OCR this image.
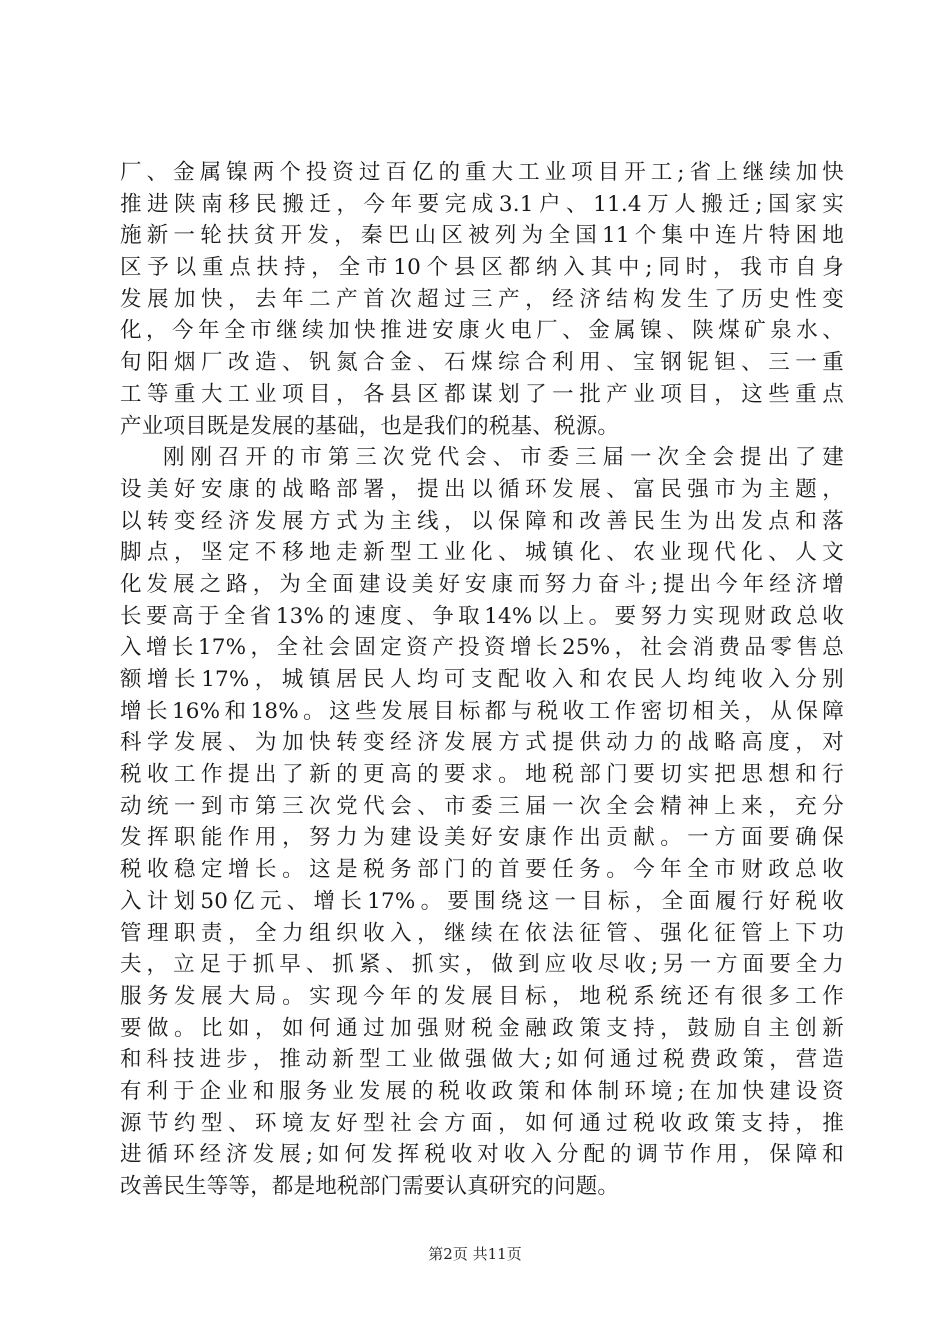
厂、金属镍两个投资过百亿的重大工业项目开工;省上继续加快
推进陕南移民搬迁，今年要完成3.1户、11.4万人搬迁;国家实
施新一轮扶贫开发，秦巴山区被列为全国11个集中连片特困地
区予以重点扶持，全市10个县区都纳入其中;同时，我市自身
发展加快，去年二产首次超过三产，经济结构发生了历史性变
化，今年全市继续加快推进安康火电厂、金属镍、陕煤矿泉水、
旬阳烟厂改造、钒氮合金、石煤综合利用、宝钢铌钽、三一重
工等重大工业项目，各县区都谋划了一批产业项目，这些重点
产业项目既是发展的基础，也是我们的税基、税源。
刚刚召开的市第三次党代会、市委三届一次全会提出了建
设美好安康的战略部署，提出以循环发展、富民强市为主题，
以转变经济发展方式为主线，以保障和改善民生为出发点和落
脚点，坚定不移地走新型工业化、城镇化、农业现代化、人文
化发展之路，为全面建设美好安康而努力奋斗;提出今年经济增
长要高于全省13%的速度、争取14%以上。要努力实现财政总收
入增长17%，全社会固定资产投资增长25%，社会消费品零售总
额增长17%，城镇居民人均可支配收入和农民人均纯收入分别
增长16%和18%。这些发展目标都与税收工作密切相关，从保障
科学发展、为加快转变经济发展方式提供动力的战略高度，对
税收工作提出了新的更高的要求。地税部门要切实把思想和行
动统一到市第三次党代会、市委三届一次全会精神上来，充分
发挥职能作用，努力为建设美好安康作出贡献。一方面要确保
税收稳定增长。这是税务部门的首要任务。今年全市财政总收
入计划50亿元、增长17%。要围绕这一目标，全面履行好税收
管理职责，全力组织收入，继续在依法征管、强化征管上下功
夫，立足于抓早、抓紧、抓实，做到应收尽收;另一方面要全力
服务发展大局。实现今年的发展目标，地税系统还有很多工作
要做。比如，如何通过加强财税金融政策支持，鼓励自主创新
和科技进步，推动新型工业做强做大;如何通过税费政策，营造
有利于企业和服务业发展的税收政策和体制环境;在加快建设资
源节约型、环境友好型社会方面，如何通过税收政策支持，推
进循环经济发展;如何发挥税收对收入分配的调节作用，保障和
改善民生等等，都是地税部门需要认真研究的问题。
第2页 共11页
